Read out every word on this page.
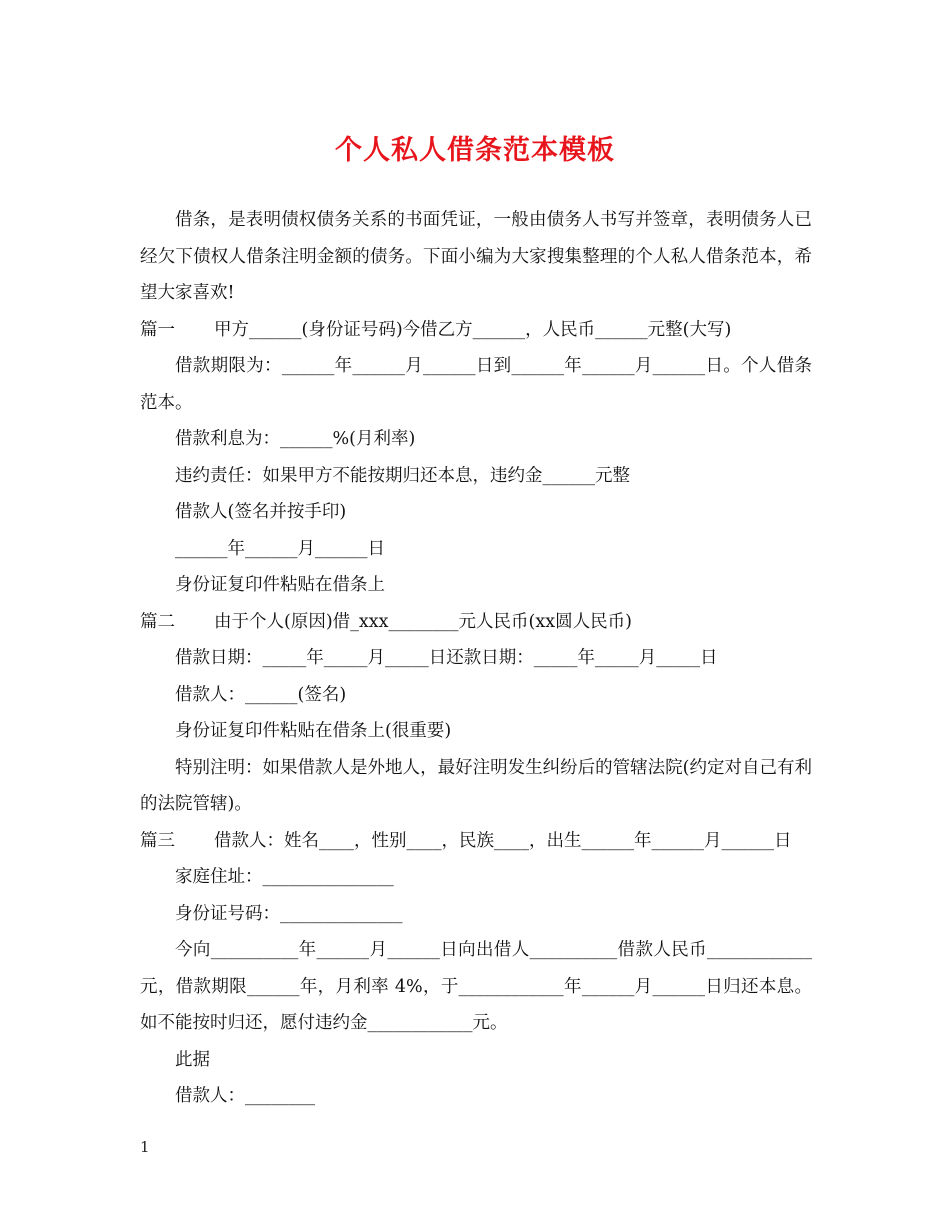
个人私人借条范本模板

借条，是表明债权债务关系的书面凭证，一般由债务人书写并签章，表明债务人已经欠下债权人借条注明金额的债务。下面小编为大家搜集整理的个人私人借条范本，希望大家喜欢!

篇一 甲方______(身份证号码)今借乙方______，人民币______元整(大写)

借款期限为：______年______月______日到______年______月______日。个人借条范本。

借款利息为：______%(月利率)

违约责任：如果甲方不能按期归还本息，违约金______元整

借款人(签名并按手印)

______年______月______日

身份证复印件粘贴在借条上

篇二 由于个人(原因)借_xxx________元人民币(xx圆人民币)

借款日期：_____年_____月_____日还款日期：_____年_____月_____日

借款人：______(签名)

身份证复印件粘贴在借条上(很重要)

特别注明：如果借款人是外地人，最好注明发生纠纷后的管辖法院(约定对自己有利的法院管辖)。

篇三 借款人：姓名____，性别____，民族____，出生______年______月______日

家庭住址：_______________

身份证号码：______________

今向__________年______月______日向出借人__________借款人民币____________元，借款期限______年，月利率 4%，于____________年______月______日归还本息。如不能按时归还，愿付违约金____________元。

此据

借款人：________

1
